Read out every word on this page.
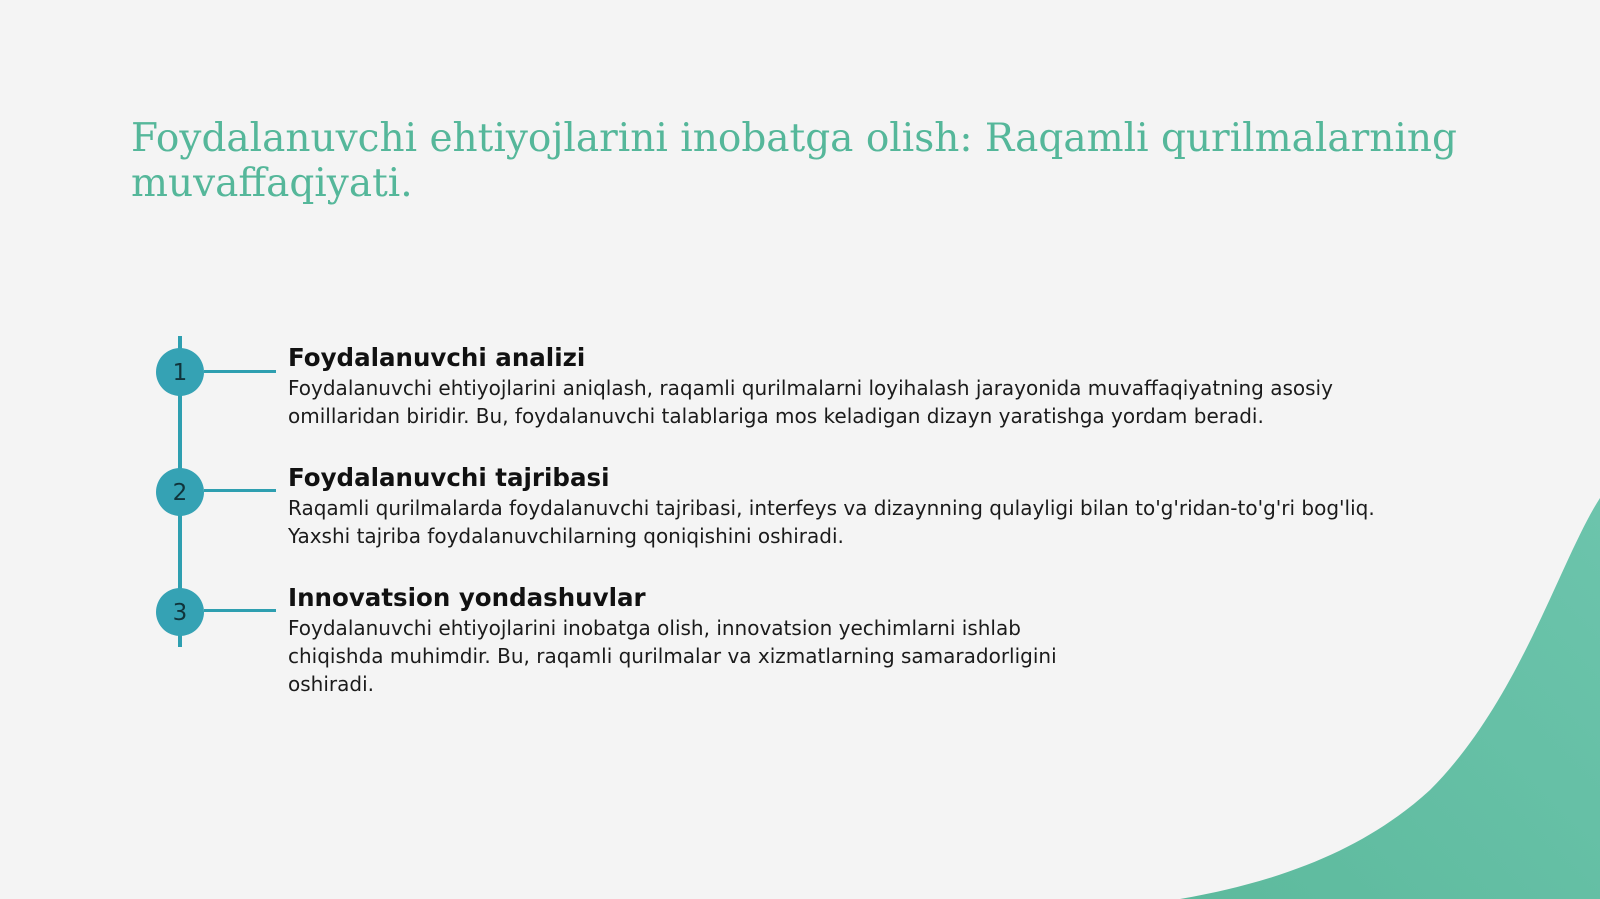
Foydalanuvchi ehtiyojlarini inobatga olish: Raqamli qurilmalarning muvaffaqiyati.
1
2
3
Foydalanuvchi analizi

Foydalanuvchi ehtiyojlarini aniqlash, raqamli qurilmalarni loyihalash jarayonida muvaffaqiyatning asosiy omillaridan biridir. Bu, foydalanuvchi talablariga mos keladigan dizayn yaratishga yordam beradi.

Foydalanuvchi tajribasi

Raqamli qurilmalarda foydalanuvchi tajribasi, interfeys va dizaynning qulayligi bilan to'g'ridan-to'g'ri bog'liq. Yaxshi tajriba foydalanuvchilarning qoniqishini oshiradi.

Innovatsion yondashuvlar

Foydalanuvchi ehtiyojlarini inobatga olish, innovatsion yechimlarni ishlab chiqishda muhimdir. Bu, raqamli qurilmalar va xizmatlarning samaradorligini oshiradi.
